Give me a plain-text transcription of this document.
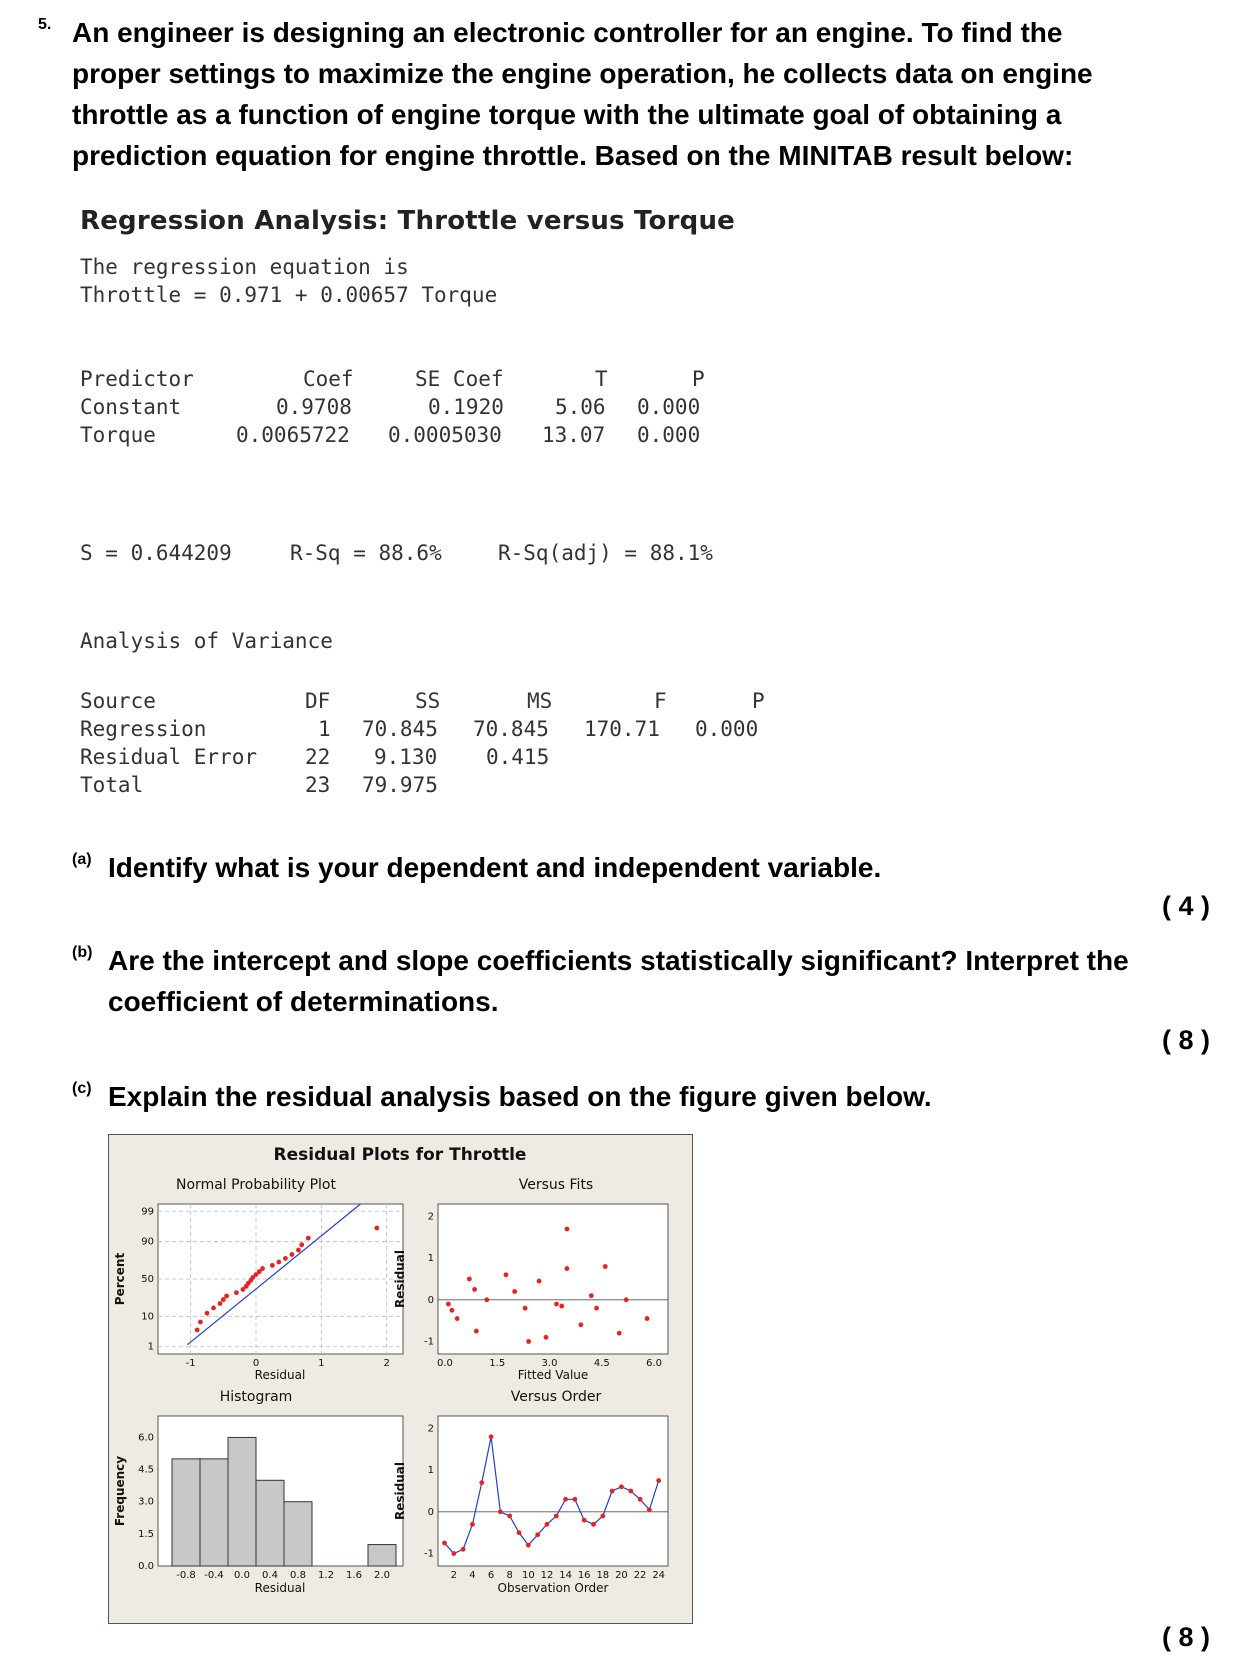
5. An engineer is designing an electronic controller for an engine. To find the
proper settings to maximize the engine operation, he collects data on engine
throttle as a function of engine torque with the ultimate goal of obtaining a
prediction equation for engine throttle. Based on the MINITAB result below:
Regression Analysis: Throttle versus Torque
The regression equation is
Throttle = 0.971 + 0.00657 Torque
Predictor	Coef	SE Coef	T	P
Constant	0.9708	0.1920 5.06 0.000
Torque	0.0065722 0.0005030 13.07 0.000
S = 0.644209	R-Sq = 88.6%	R-Sq(adj) = 88.1%
Analysis of Variance
Source	DF	SS	MS	F	P
Regression	1 70.845 70.845 170.71 0.000
Residual Error 22 9.130 0.415
Total	23 79.975
(a) Identify what is your dependent and independent variable.
( 4 )
(b) Are the intercept and slope coefficients statistically significant? Interpret the
coefficient of determinations.
( 8 )
(c) Explain the residual analysis based on the figure given below.
( 8 )
Residual Plots for Throttle
Normal Probability Plot
1
10
50
90
99
-1	0	1	2
Residual
Percent
Versus Fits
0.0	1.5	3.0	4.5	6.0
-1
0
1
2
Fitted Value
Residual
Histogram
-0.8 -0.4 0.0 0.4 0.8 1.2 1.6 2.0
0.0
1.5
3.0
4.5
6.0
Residual
Frequency
Versus Order
2 4 6 8 10 12 14 16 18 20 22 24
-1
0
1
2
Observation Order
Residual
